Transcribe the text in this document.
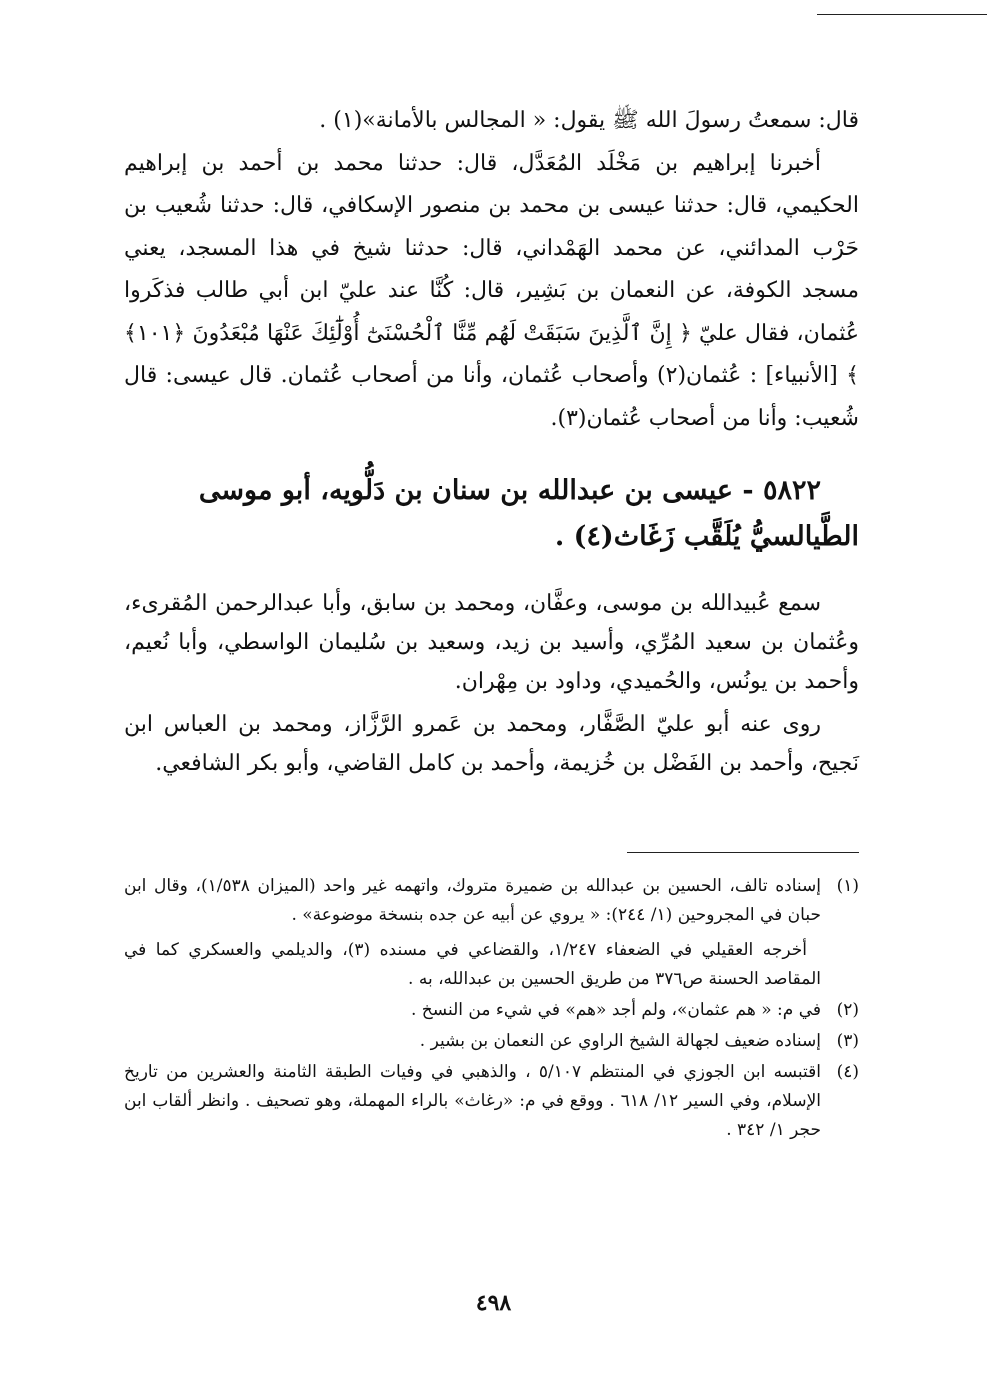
قال: سمعتُ رسولَ الله ﷺ يقول: « المجالس بالأمانة»(١) .

أخبرنا إبراهيم بن مَخْلَد المُعَدَّل، قال: حدثنا محمد بن أحمد بن إبراهيم الحكيمي، قال: حدثنا عيسى بن محمد بن منصور الإسكافي، قال: حدثنا شُعيب بن حَرْب المدائني، عن محمد الهَمْداني، قال: حدثنا شيخ في هذا المسجد، يعني مسجد الكوفة، عن النعمان بن بَشِير، قال: كُنَّا عند عليّ ابن أبي طالب فذكَروا عُثمان، فقال عليّ ﴿ إِنَّ ٱلَّذِينَ سَبَقَتْ لَهُم مِّنَّا ٱلْحُسْنَىٰٓ أُوْلَٰٓئِكَ عَنْهَا مُبْعَدُونَ ﴿١٠١﴾ ﴾ [الأنبياء] : عُثمان(٢) وأصحاب عُثمان، وأنا من أصحاب عُثمان. قال عيسى: قال شُعيب: وأنا من أصحاب عُثمان(٣).

٥٨٢٢ - عيسى بن عبدالله بن سنان بن دَلُّويه، أبو موسى الطَّيالسيُّ يُلَقَّب زَغَاث(٤) .

سمع عُبيدالله بن موسى، وعفَّان، ومحمد بن سابق، وأبا عبدالرحمن المُقرىء، وعُثمان بن سعيد المُرِّي، وأسيد بن زيد، وسعيد بن سُليمان الواسطي، وأبا نُعيم، وأحمد بن يونُس، والحُميدي، وداود بن مِهْران.

روى عنه أبو عليّ الصَّفَّار، ومحمد بن عَمرو الرَّزَّاز، ومحمد بن العباس ابن نَجيح، وأحمد بن الفَضْل بن خُزيمة، وأحمد بن كامل القاضي، وأبو بكر الشافعي.

(١)

إسناده تالف، الحسين بن عبدالله بن ضميرة متروك، واتهمه غير واحد (الميزان ١/٥٣٨)، وقال ابن حبان في المجروحين (١/ ٢٤٤): « يروي عن أبيه عن جده بنسخة موضوعة» .

أخرجه العقيلي في الضعفاء ١/٢٤٧، والقضاعي في مسنده (٣)، والديلمي والعسكري كما في المقاصد الحسنة ص٣٧٦ من طريق الحسين بن عبدالله، به .

(٢)

في م: « هم عثمان»، ولم أجد «هم» في شيء من النسخ .

(٣)

إسناده ضعيف لجهالة الشيخ الراوي عن النعمان بن بشير .

(٤)

اقتبسه ابن الجوزي في المنتظم ٥/١٠٧ ، والذهبي في وفيات الطبقة الثامنة والعشرين من تاريخ الإسلام، وفي السير ١٢/ ٦١٨ . ووقع في م: «رغاث» بالراء المهملة، وهو تصحيف . وانظر ألقاب ابن حجر ١/ ٣٤٢ .

٤٩٨
